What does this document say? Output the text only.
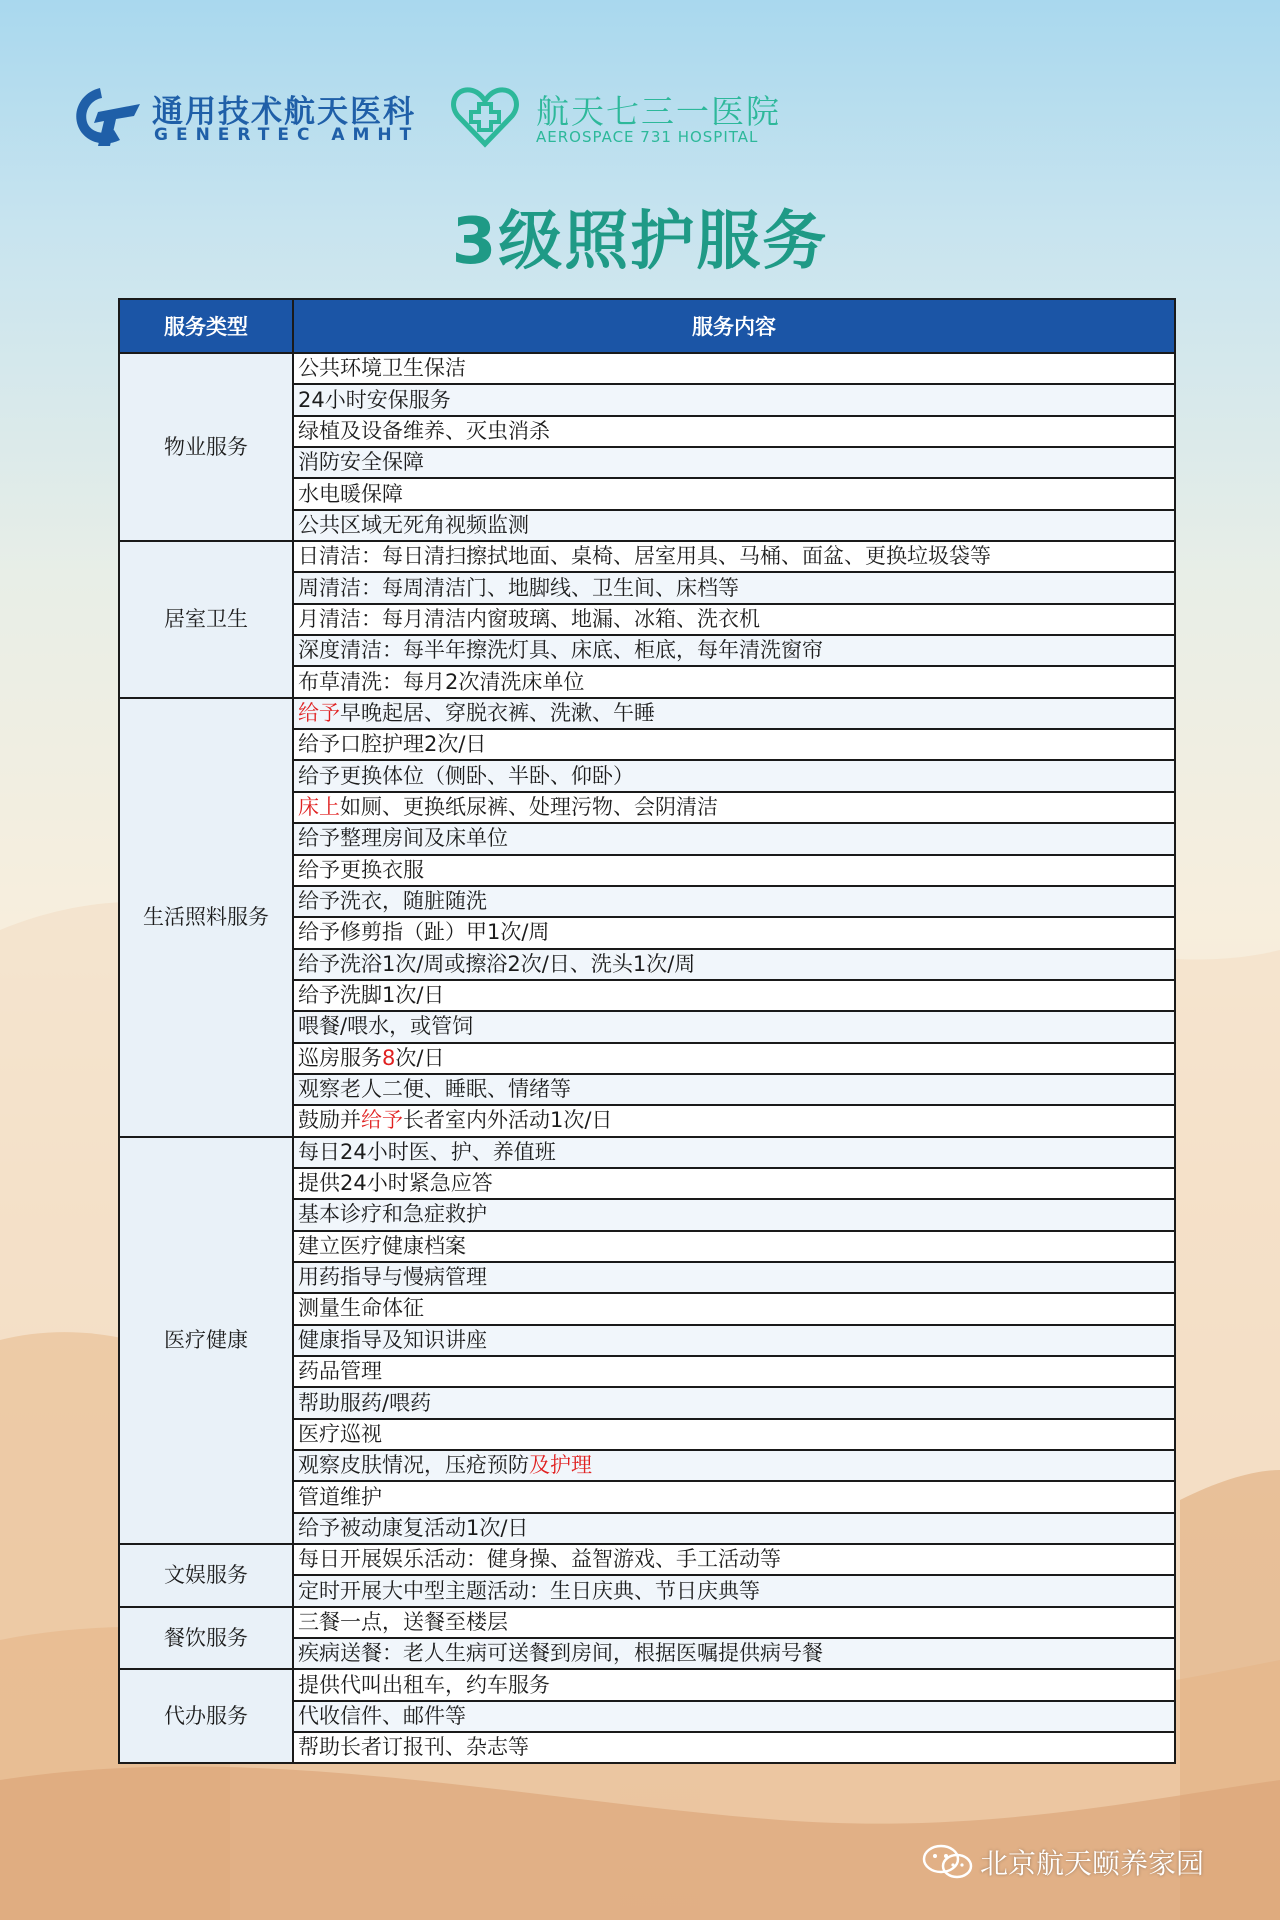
通用技术航天医科
GENERTEC AMHT
航天七三一医院
AEROSPACE 731 HOSPITAL
3级照护服务
服务类型	服务内容
物业服务	公共环境卫生保洁
	24小时安保服务
	绿植及设备维养、灭虫消杀
	消防安全保障
	水电暖保障
	公共区域无死角视频监测
居室卫生	日清洁：每日清扫擦拭地面、桌椅、居室用具、马桶、面盆、更换垃圾袋等
	周清洁：每周清洁门、地脚线、卫生间、床档等
	月清洁：每月清洁内窗玻璃、地漏、冰箱、洗衣机
	深度清洁：每半年擦洗灯具、床底、柜底，每年清洗窗帘
	布草清洗：每月2次清洗床单位
生活照料服务	给予早晚起居、穿脱衣裤、洗漱、午睡
	给予口腔护理2次/日
	给予更换体位（侧卧、半卧、仰卧）
	床上如厕、更换纸尿裤、处理污物、会阴清洁
	给予整理房间及床单位
	给予更换衣服
	给予洗衣，随脏随洗
	给予修剪指（趾）甲1次/周
	给予洗浴1次/周或擦浴2次/日、洗头1次/周
	给予洗脚1次/日
	喂餐/喂水，或管饲
	巡房服务8次/日
	观察老人二便、睡眠、情绪等
	鼓励并给予长者室内外活动1次/日
医疗健康	每日24小时医、护、养值班
	提供24小时紧急应答
	基本诊疗和急症救护
	建立医疗健康档案
	用药指导与慢病管理
	测量生命体征
	健康指导及知识讲座
	药品管理
	帮助服药/喂药
	医疗巡视
	观察皮肤情况，压疮预防及护理
	管道维护
	给予被动康复活动1次/日
文娱服务	每日开展娱乐活动：健身操、益智游戏、手工活动等
	定时开展大中型主题活动：生日庆典、节日庆典等
餐饮服务	三餐一点，送餐至楼层
	疾病送餐：老人生病可送餐到房间，根据医嘱提供病号餐
代办服务	提供代叫出租车，约车服务
	代收信件、邮件等
	帮助长者订报刊、杂志等
北京航天颐养家园
